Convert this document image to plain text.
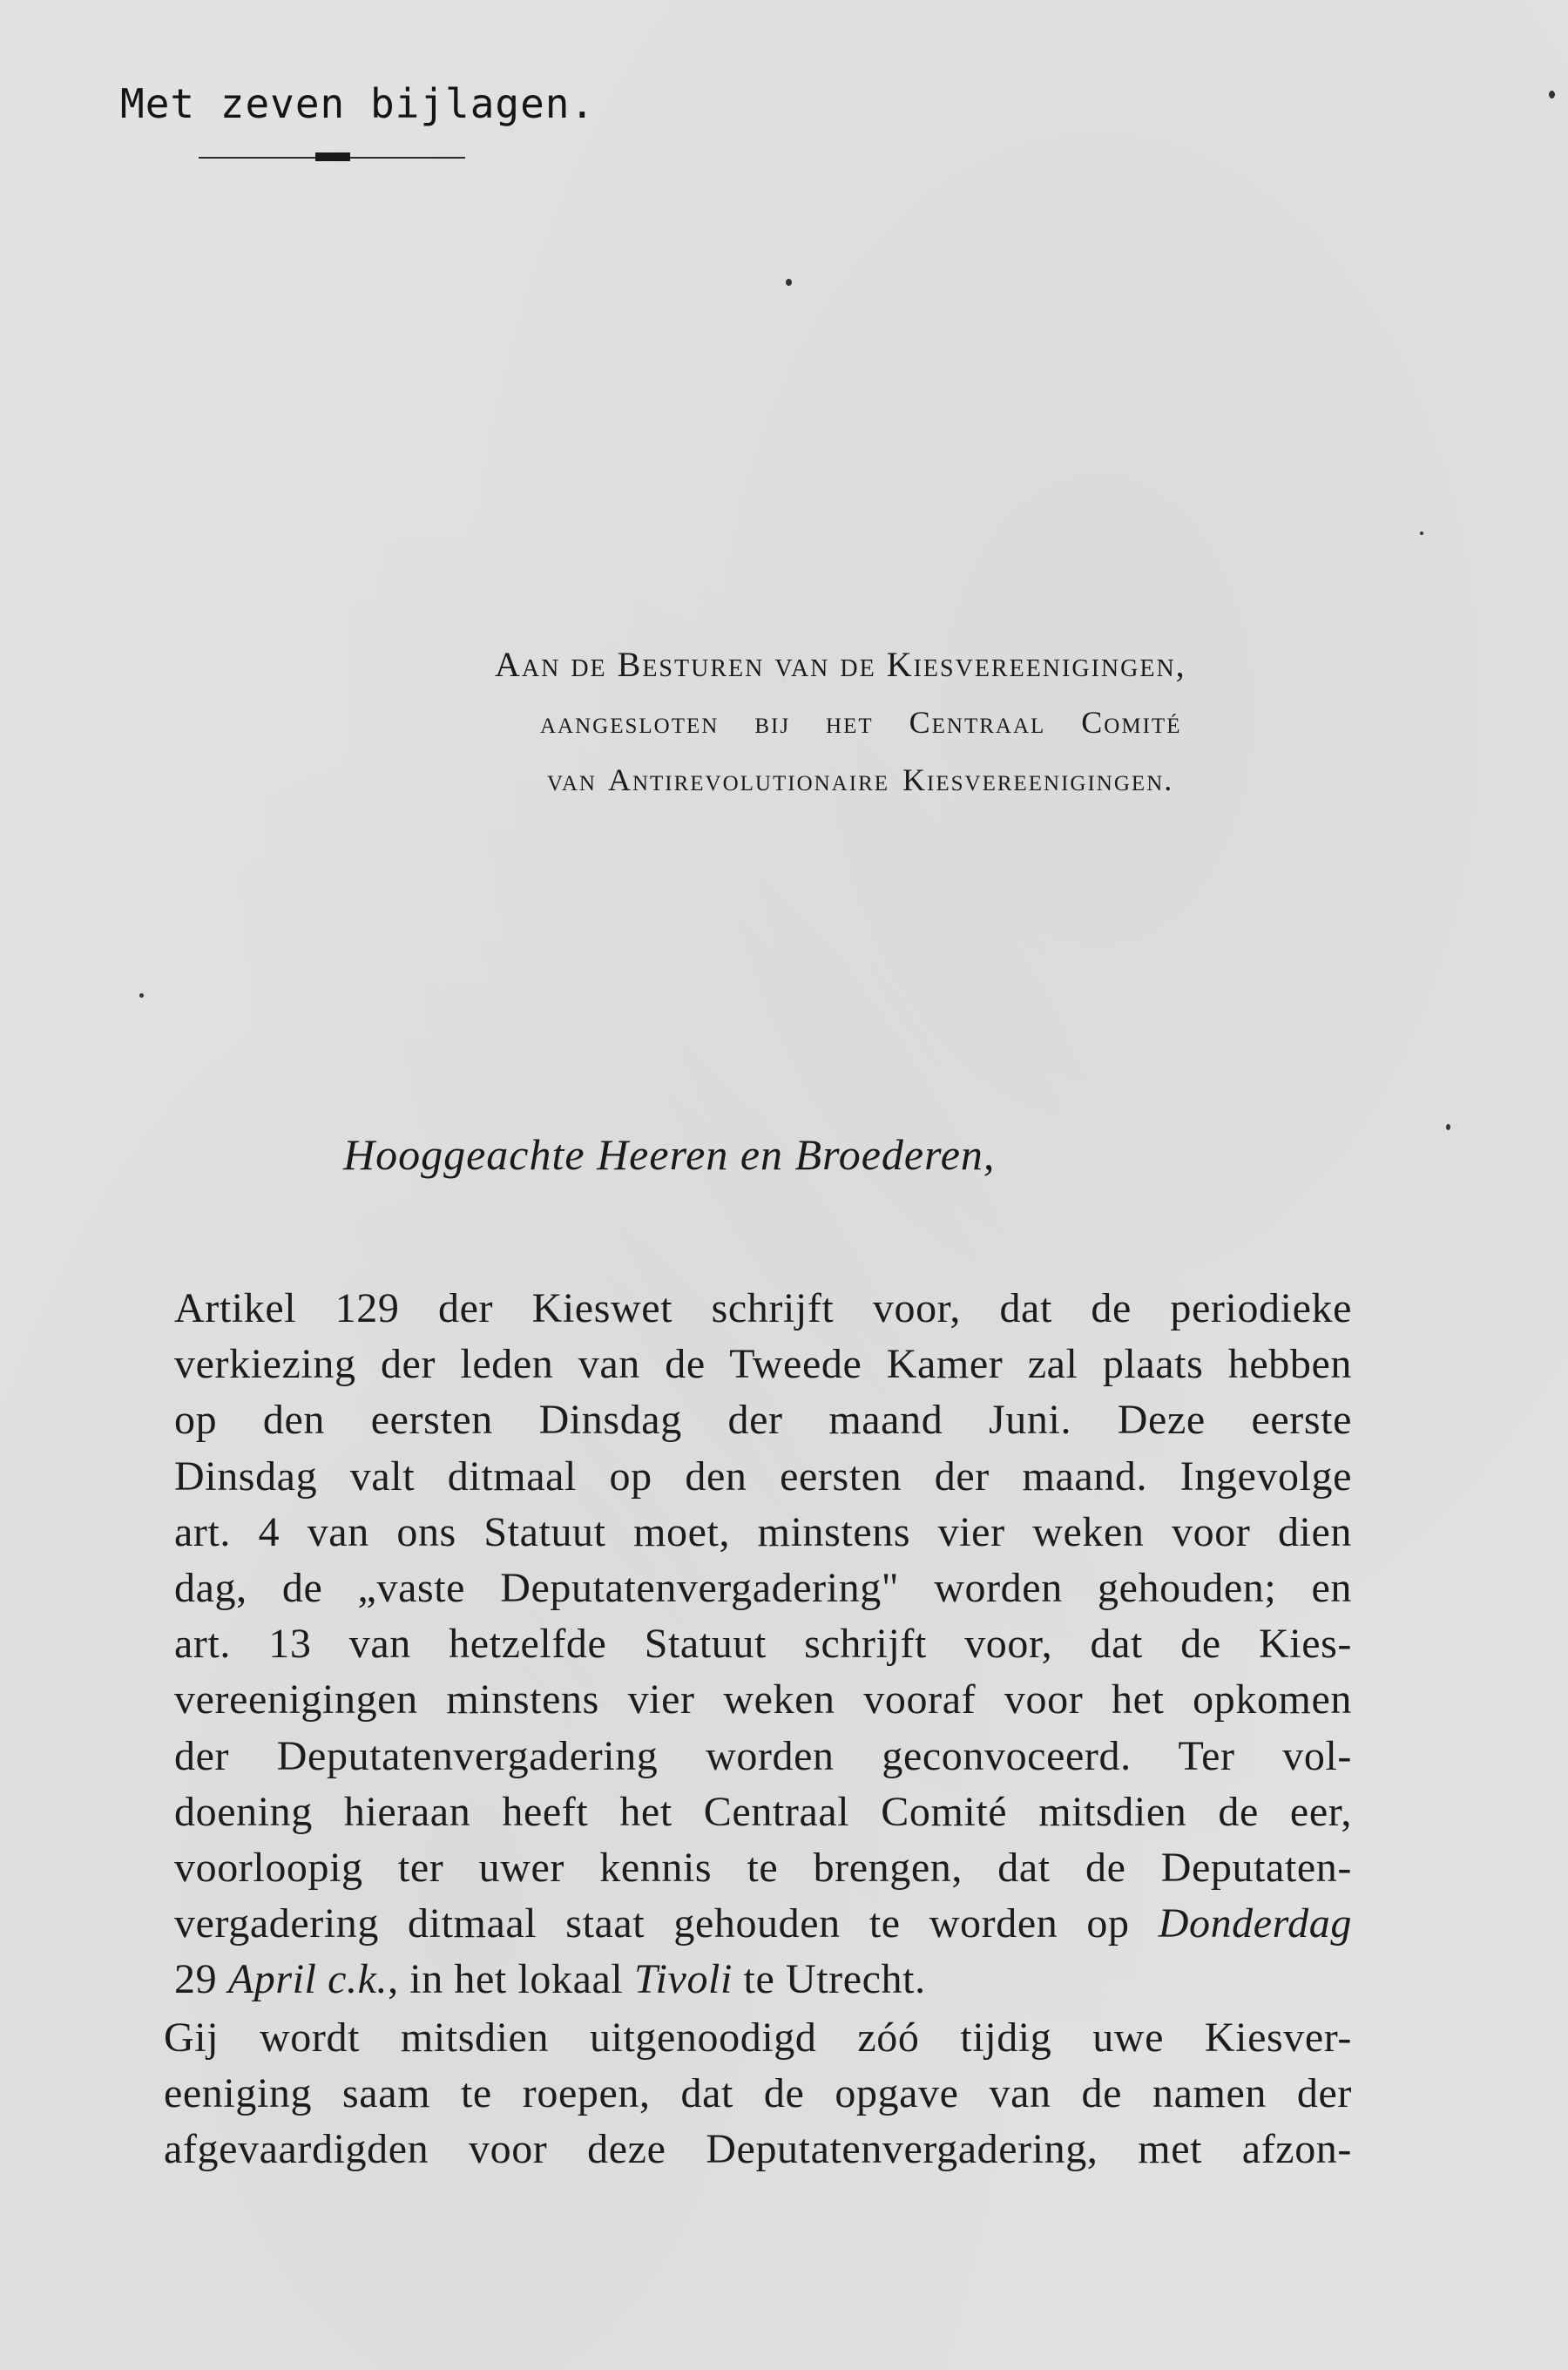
Met zeven bijlagen.
Aan de Besturen van de Kiesvereenigingen,
aangesloten bij het Centraal Comité
van Antirevolutionaire Kiesvereenigingen.
Hooggeachte Heeren en Broederen,
Artikel 129 der Kieswet schrijft voor, dat de periodieke
verkiezing der leden van de Tweede Kamer zal plaats hebben
op den eersten Dinsdag der maand Juni. Deze eerste
Dinsdag valt ditmaal op den eersten der maand. Ingevolge
art. 4 van ons Statuut moet, minstens vier weken voor dien
dag, de „vaste Deputatenvergadering" worden gehouden; en
art. 13 van hetzelfde Statuut schrijft voor, dat de Kies-
vereenigingen minstens vier weken vooraf voor het opkomen
der Deputatenvergadering worden geconvoceerd. Ter vol-
doening hieraan heeft het Centraal Comité mitsdien de eer,
voorloopig ter uwer kennis te brengen, dat de Deputaten-
vergadering ditmaal staat gehouden te worden op Donderdag
29 April c.k., in het lokaal Tivoli te Utrecht.
Gij wordt mitsdien uitgenoodigd zóó tijdig uwe Kiesver-
eeniging saam te roepen, dat de opgave van de namen der
afgevaardigden voor deze Deputatenvergadering, met afzon-
